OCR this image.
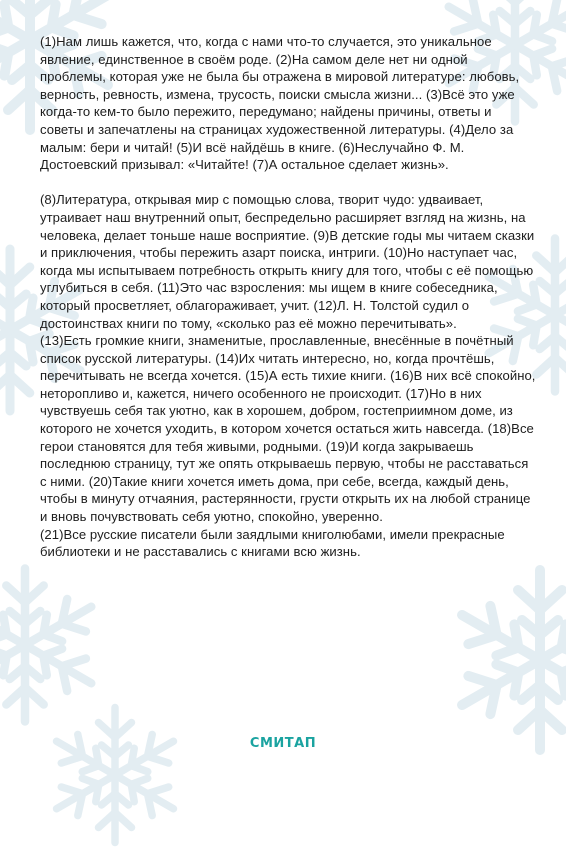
(1)Нам лишь кажется, что, когда с нами что-то случается, это уникальное явление, единственное в своём роде. (2)На самом деле нет ни одной проблемы, которая уже не была бы отражена в мировой литературе: любовь, верность, ревность, измена, трусость, поиски смысла жизни... (3)Всё это уже когда-то кем-то было пережито, передумано; найдены причины, ответы и советы и запечатлены на страницах художественной литературы. (4)Дело за малым: бери и читай! (5)И всё найдёшь в книге. (6)Неслучайно Ф. М. Достоевский призывал: «Читайте! (7)А остальное сделает жизнь».

(8)Литература, открывая мир с помощью слова, творит чудо: удваивает, утраивает наш внутренний опыт, беспредельно расширяет взгляд на жизнь, на человека, делает тоньше наше восприятие. (9)В детские годы мы читаем сказки и приключения, чтобы пережить азарт поиска, интриги. (10)Но наступает час, когда мы испытываем потребность открыть книгу для того, чтобы с её помощью углубиться в себя. (11)Это час взросления: мы ищем в книге собеседника, который просветляет, облагораживает, учит. (12)Л. Н. Толстой судил о достоинствах книги по тому, «сколько раз её можно перечитывать».

(13)Есть громкие книги, знаменитые, прославленные, внесённые в почётный список русской литературы. (14)Их читать интересно, но, когда прочтёшь, перечитывать не всегда хочется. (15)А есть тихие книги. (16)В них всё спокойно, неторопливо и, кажется, ничего особенного не происходит. (17)Но в них чувствуешь себя так уютно, как в хорошем, добром, гостеприимном доме, из которого не хочется уходить, в котором хочется остаться жить навсегда. (18)Все герои становятся для тебя живыми, родными. (19)И когда закрываешь последнюю страницу, тут же опять открываешь первую, чтобы не расставаться с ними. (20)Такие книги хочется иметь дома, при себе, всегда, каждый день, чтобы в минуту отчаяния, растерянности, грусти открыть их на любой странице и вновь почувствовать себя уютно, спокойно, уверенно.

(21)Все русские писатели были заядлыми книголюбами, имели прекрасные библиотеки и не расставались с книгами всю жизнь.

СМИТАП
